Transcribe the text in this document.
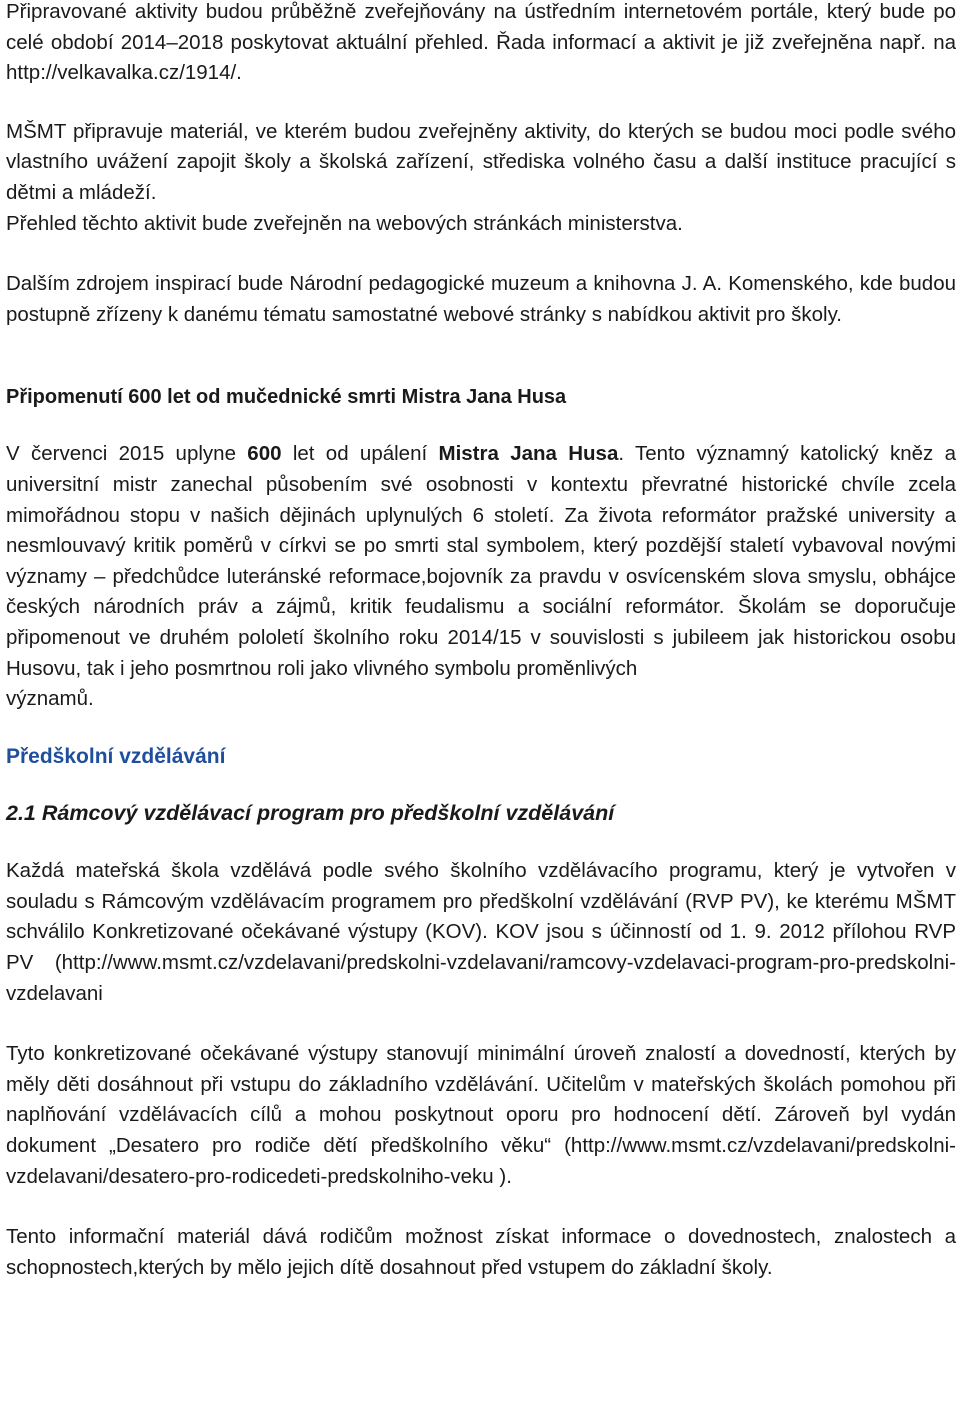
Připravované aktivity budou průběžně zveřejňovány na ústředním internetovém portále, který bude po celé období 2014–2018 poskytovat aktuální přehled. Řada informací a aktivit je již zveřejněna např. na http://velkavalka.cz/1914/.

MŠMT připravuje materiál, ve kterém budou zveřejněny aktivity, do kterých se budou moci podle svého vlastního uvážení zapojit školy a školská zařízení, střediska volného času a další instituce pracující s dětmi a mládeží.

Přehled těchto aktivit bude zveřejněn na webových stránkách ministerstva.

Dalším zdrojem inspirací bude Národní pedagogické muzeum a knihovna J. A. Komenského, kde budou postupně zřízeny k danému tématu samostatné webové stránky s nabídkou aktivit pro školy.

Připomenutí 600 let od mučednické smrti Mistra Jana Husa

V červenci 2015 uplyne 600 let od upálení Mistra Jana Husa. Tento významný katolický kněz a universitní mistr zanechal působením své osobnosti v kontextu převratné historické chvíle zcela mimořádnou stopu v našich dějinách uplynulých 6 století. Za života reformátor pražské university a nesmlouvavý kritik poměrů v církvi se po smrti stal symbolem, který pozdější staletí vybavoval novými významy – předchůdce luteránské reformace,bojovník za pravdu v osvícenském slova smyslu, obhájce českých národních práv a zájmů, kritik feudalismu a sociální reformátor. Školám se doporučuje připomenout ve druhém pololetí školního roku 2014/15 v souvislosti s jubileem jak historickou osobu Husovu, tak i jeho posmrtnou roli jako vlivného symbolu proměnlivých

významů.

Předškolní vzdělávání

2.1 Rámcový vzdělávací program pro předškolní vzdělávání

Každá mateřská škola vzdělává podle svého školního vzdělávacího programu, který je vytvořen v souladu s Rámcovým vzdělávacím programem pro předškolní vzdělávání (RVP PV), ke kterému MŠMT schválilo Konkretizované očekávané výstupy (KOV). KOV jsou s účinností od 1. 9. 2012 přílohou RVP PV (http://www.msmt.cz/vzdelavani/predskolni-vzdelavani/ramcovy-vzdelavaci-program-pro-predskolni-vzdelavani

Tyto konkretizované očekávané výstupy stanovují minimální úroveň znalostí a dovedností, kterých by měly děti dosáhnout při vstupu do základního vzdělávání. Učitelům v mateřských školách pomohou při naplňování vzdělávacích cílů a mohou poskytnout oporu pro hodnocení dětí. Zároveň byl vydán dokument „Desatero pro rodiče dětí předškolního věku“ (http://www.msmt.cz/vzdelavani/predskolni-vzdelavani/desatero-pro-rodicedeti-predskolniho-veku ).

Tento informační materiál dává rodičům možnost získat informace o dovednostech, znalostech a schopnostech,kterých by mělo jejich dítě dosahnout před vstupem do základní školy.
